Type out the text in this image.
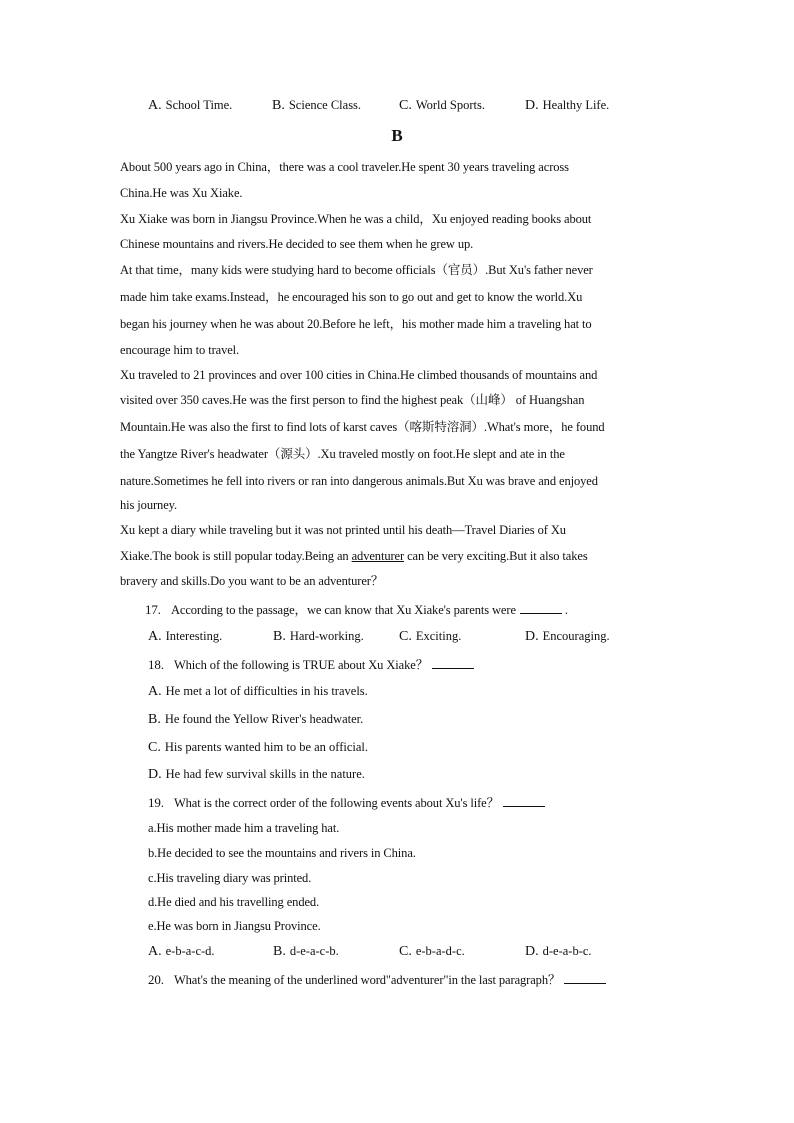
A. School Time.	B. Science Class.	C. World Sports.	D. Healthy Life.
B
About 500 years ago in China，there was a cool traveler.He spent 30 years traveling across
China.He was Xu Xiake.
Xu Xiake was born in Jiangsu Province.When he was a child，Xu enjoyed reading books about
Chinese mountains and rivers.He decided to see them when he grew up.
At that time，many kids were studying hard to become officials（官员）.But Xu's father never
made him take exams.Instead，he encouraged his son to go out and get to know the world.Xu
began his journey when he was about 20.Before he left，his mother made him a traveling hat to
encourage him to travel.
Xu traveled to 21 provinces and over 100 cities in China.He climbed thousands of mountains and
visited over 350 caves.He was the first person to find the highest peak（山峰） of Huangshan
Mountain.He was also the first to find lots of karst caves（喀斯特溶洞）.What's more，he found
the Yangtze River's headwater（源头）.Xu traveled mostly on foot.He slept and ate in the
nature.Sometimes he fell into rivers or ran into dangerous animals.But Xu was brave and enjoyed
his journey.
Xu kept a diary while traveling but it was not printed until his death—Travel Diaries of Xu
Xiake.The book is still popular today.Being an adventurer can be very exciting.But it also takes
bravery and skills.Do you want to be an adventurer？
17. According to the passage，we can know that Xu Xiake's parents were	.
A. Interesting.	B. Hard-working.	C. Exciting.	D. Encouraging.
18. Which of the following is TRUE about Xu Xiake？
A. He met a lot of difficulties in his travels.
B. He found the Yellow River's headwater.
C. His parents wanted him to be an official.
D. He had few survival skills in the nature.
19. What is the correct order of the following events about Xu's life？
a.His mother made him a traveling hat.
b.He decided to see the mountains and rivers in China.
c.His traveling diary was printed.
d.He died and his travelling ended.
e.He was born in Jiangsu Province.
A. e-b-a-c-d.	B. d-e-a-c-b.	C. e-b-a-d-c.	D. d-e-a-b-c.
20. What's the meaning of the underlined word"adventurer"in the last paragraph？
